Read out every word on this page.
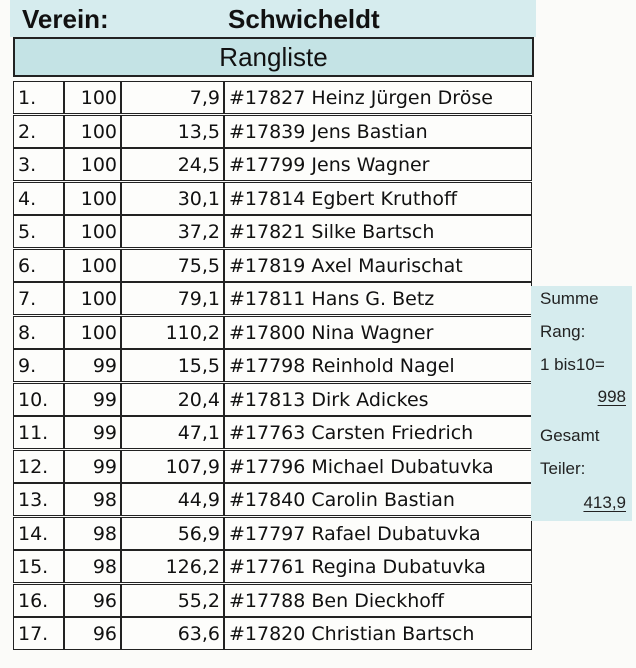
Verein:	Schwicheldt
Rangliste
1.	100	7,9 #17827 Heinz Jürgen Dröse
2.	100	13,5 #17839 Jens Bastian
3.	100	24,5 #17799 Jens Wagner
4.	100	30,1 #17814 Egbert Kruthoff
5.	100	37,2 #17821 Silke Bartsch
6.	100	75,5 #17819 Axel Maurischat
7.	100	79,1 #17811 Hans G. Betz
8.	100	110,2 #17800 Nina Wagner
9.	99	15,5 #17798 Reinhold Nagel
10.	99	20,4 #17813 Dirk Adickes
11.	99	47,1 #17763 Carsten Friedrich
12.	99	107,9 #17796 Michael Dubatuvka
13.	98	44,9 #17840 Carolin Bastian
14.	98	56,9 #17797 Rafael Dubatuvka
15.	98	126,2 #17761 Regina Dubatuvka
16.	96	55,2 #17788 Ben Dieckhoff
17.	96	63,6 #17820 Christian Bartsch
Summe
Rang:
1 bis10=
998
Gesamt
Teiler:
413,9
